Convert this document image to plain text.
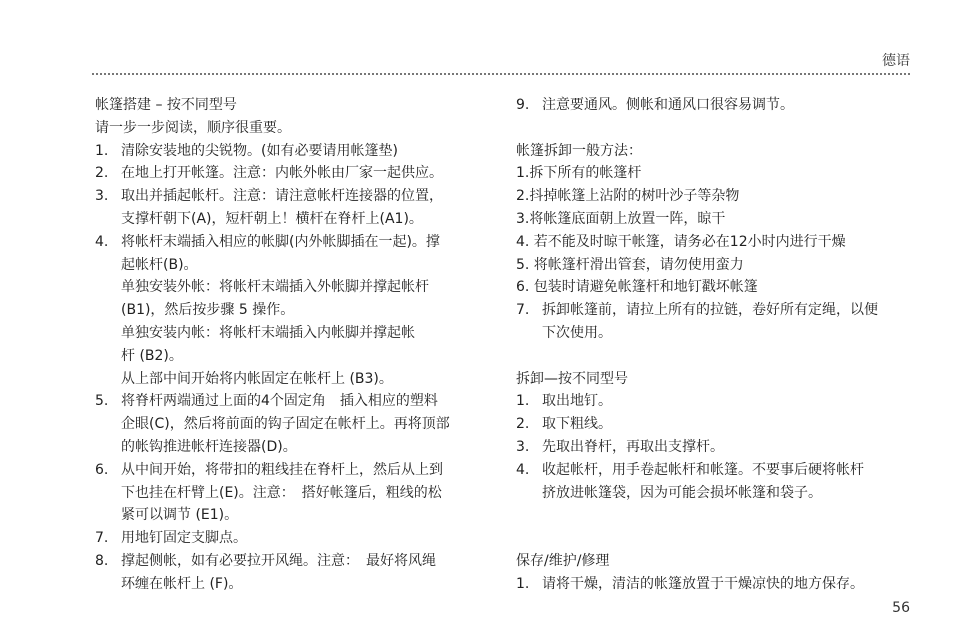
德语
帐篷搭建 – 按不同型号
请一步一步阅读，顺序很重要。
1. 清除安装地的尖锐物。(如有必要请用帐篷垫)
2. 在地上打开帐篷。注意：内帐外帐由厂家一起供应。
3. 取出并插起帐杆。注意：请注意帐杆连接器的位置，
支撑杆朝下(A)，短杆朝上！横杆在脊杆上(A1)。
4. 将帐杆末端插入相应的帐脚(内外帐脚插在一起)。撑
起帐杆(B)。
单独安装外帐：将帐杆末端插入外帐脚并撑起帐杆
(B1)，然后按步骤 5 操作。
单独安装内帐：将帐杆末端插入内帐脚并撑起帐
杆 (B2)。
从上部中间开始将内帐固定在帐杆上 (B3)。
5. 将脊杆两端通过上面的4个固定角　插入相应的塑料
企眼(C)，然后将前面的钩子固定在帐杆上。再将顶部
的帐钩推进帐杆连接器(D)。
6. 从中间开始，将带扣的粗线挂在脊杆上，然后从上到
下也挂在杆臂上(E)。注意：　搭好帐篷后，粗线的松
紧可以调节 (E1)。
7. 用地钉固定支脚点。
8. 撑起侧帐，如有必要拉开风绳。注意：　最好将风绳
环缠在帐杆上 (F)。
9. 注意要通风。侧帐和通风口很容易调节。
帐篷拆卸一般方法：
1.拆下所有的帐篷杆
2.抖掉帐篷上沾附的树叶沙子等杂物
3.将帐篷底面朝上放置一阵，晾干
4. 若不能及时晾干帐篷，请务必在12小时内进行干燥
5. 将帐篷杆滑出管套，请勿使用蛮力
6. 包装时请避免帐篷杆和地钉戳坏帐篷
7. 拆卸帐篷前，请拉上所有的拉链，卷好所有定绳，以便
下次使用。
拆卸—按不同型号
1. 取出地钉。
2. 取下粗线。
3. 先取出脊杆，再取出支撑杆。
4. 收起帐杆，用手卷起帐杆和帐篷。不要事后硬将帐杆
挤放进帐篷袋，因为可能会损坏帐篷和袋子。
保存/维护/修理
1. 请将干燥，清洁的帐篷放置于干燥凉快的地方保存。
56
